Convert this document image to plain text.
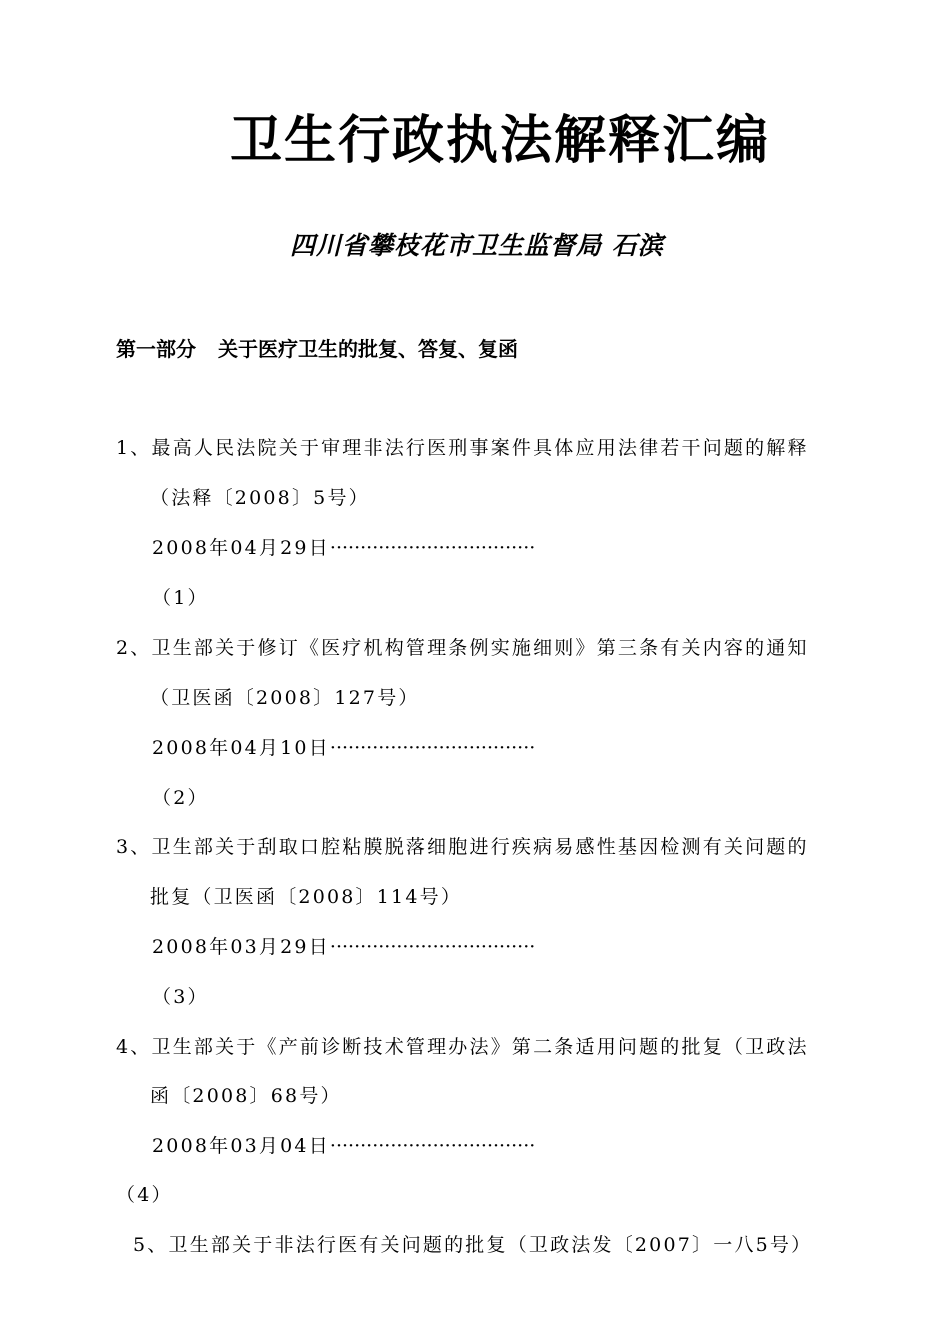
卫生行政执法解释汇编
四川省攀枝花市卫生监督局 石滨
第一部分 关于医疗卫生的批复、答复、复函
1、最高人民法院关于审理非法行医刑事案件具体应用法律若干问题的解释
（法释〔2008〕5号）
2008年04月29日··································
（1）
2、卫生部关于修订《医疗机构管理条例实施细则》第三条有关内容的通知
（卫医函〔2008〕127号）
2008年04月10日··································
（2）
3、卫生部关于刮取口腔粘膜脱落细胞进行疾病易感性基因检测有关问题的
批复（卫医函〔2008〕114号）
2008年03月29日··································
（3）
4、卫生部关于《产前诊断技术管理办法》第二条适用问题的批复（卫政法
函〔2008〕68号）
2008年03月04日··································
（4）
5、卫生部关于非法行医有关问题的批复（卫政法发〔2007〕一八5号）
